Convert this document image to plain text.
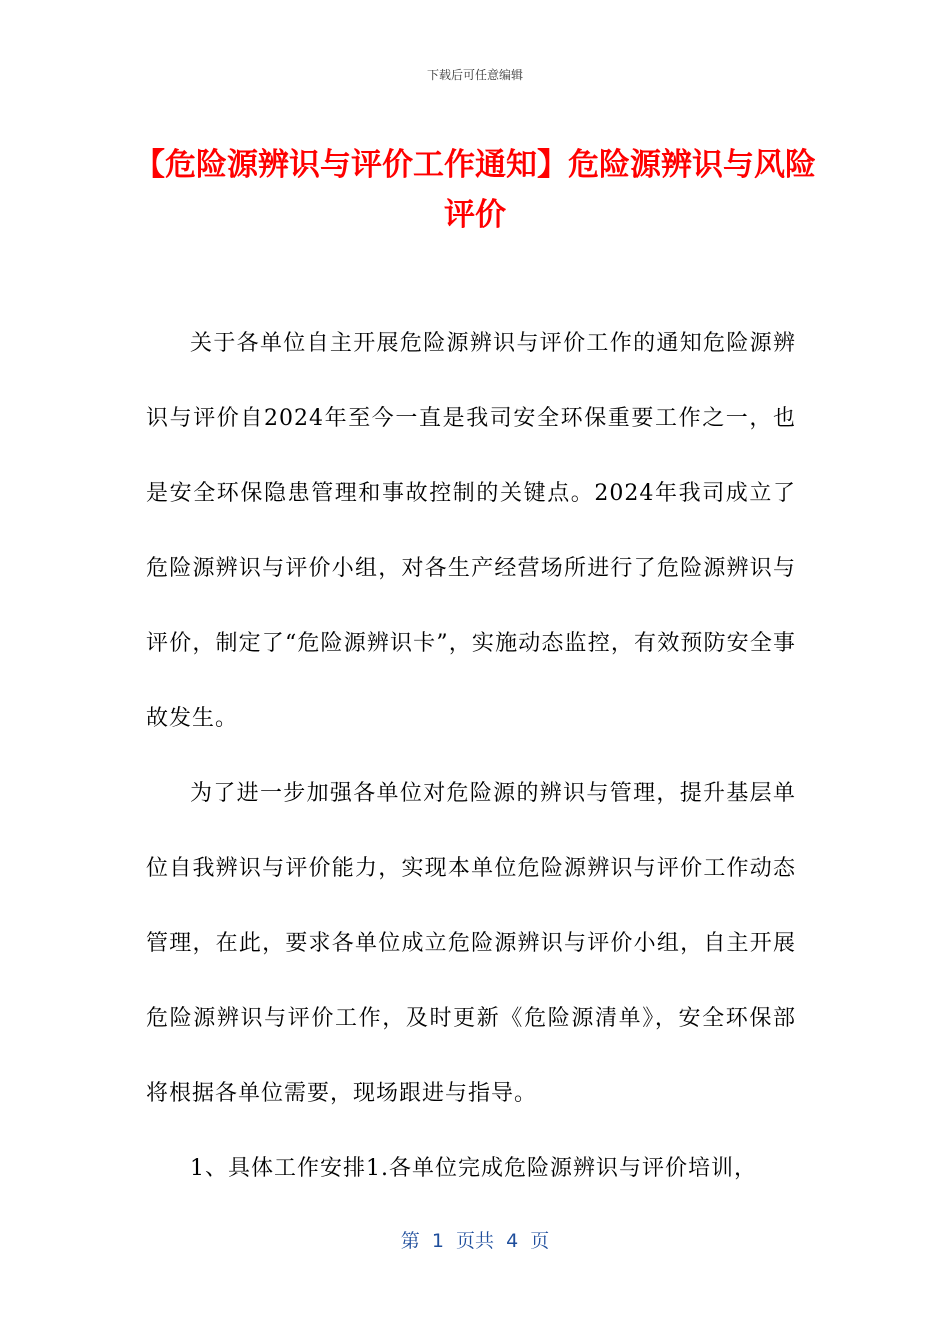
下载后可任意编辑
【危险源辨识与评价工作通知】危险源辨识与风险评价

关于各单位自主开展危险源辨识与评价工作的通知危险源辨识与评价自2024年至今一直是我司安全环保重要工作之一，也是安全环保隐患管理和事故控制的关键点。2024年我司成立了危险源辨识与评价小组，对各生产经营场所进行了危险源辨识与评价，制定了“危险源辨识卡”，实施动态监控，有效预防安全事故发生。

为了进一步加强各单位对危险源的辨识与管理，提升基层单位自我辨识与评价能力，实现本单位危险源辨识与评价工作动态管理，在此，要求各单位成立危险源辨识与评价小组，自主开展危险源辨识与评价工作，及时更新《危险源清单》，安全环保部将根据各单位需要，现场跟进与指导。

1、具体工作安排1.各单位完成危险源辨识与评价培训，

第  1  页共  4  页
